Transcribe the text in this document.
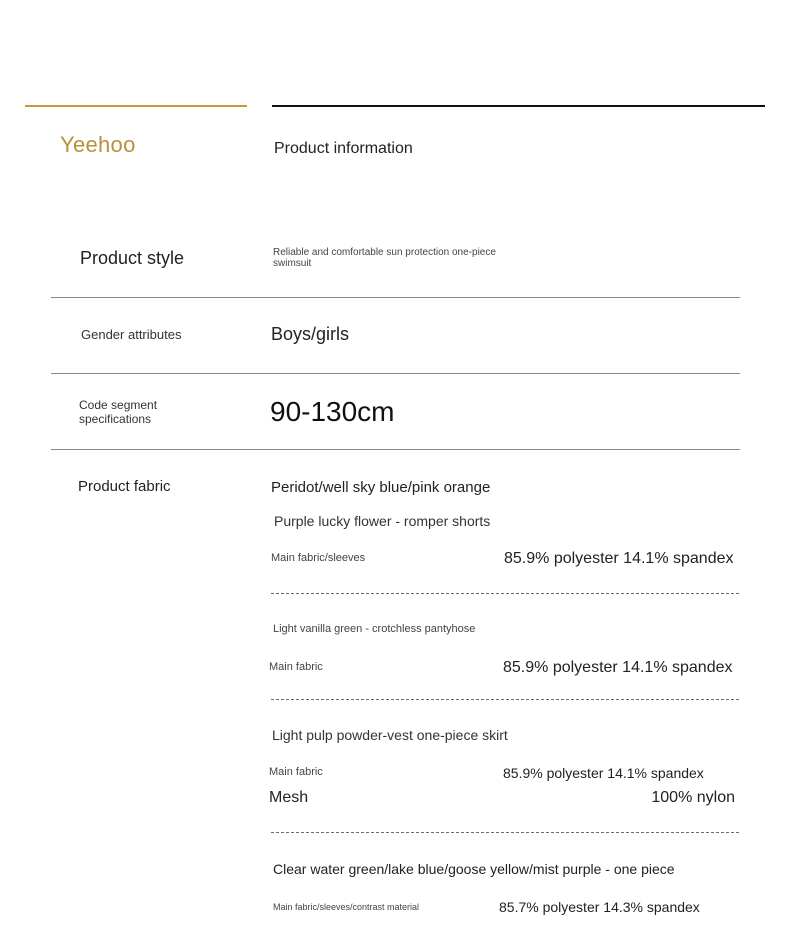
Yeehoo	Product information
Product style	Reliable and comfortable sun protection one-piece
swimsuit
Gender attributes	Boys/girls
Code segment
specifications	90-130cm
Product fabric	Peridot/well sky blue/pink orange
Purple lucky flower - romper shorts
Main fabric/sleeves	85.9% polyester 14.1% spandex
Light vanilla green - crotchless pantyhose
Main fabric	85.9% polyester 14.1% spandex
Light pulp powder-vest one-piece skirt
Main fabric	85.9% polyester 14.1% spandex
Mesh	100% nylon
Clear water green/lake blue/goose yellow/mist purple - one piece
Main fabric/sleeves/contrast material	85.7% polyester 14.3% spandex
